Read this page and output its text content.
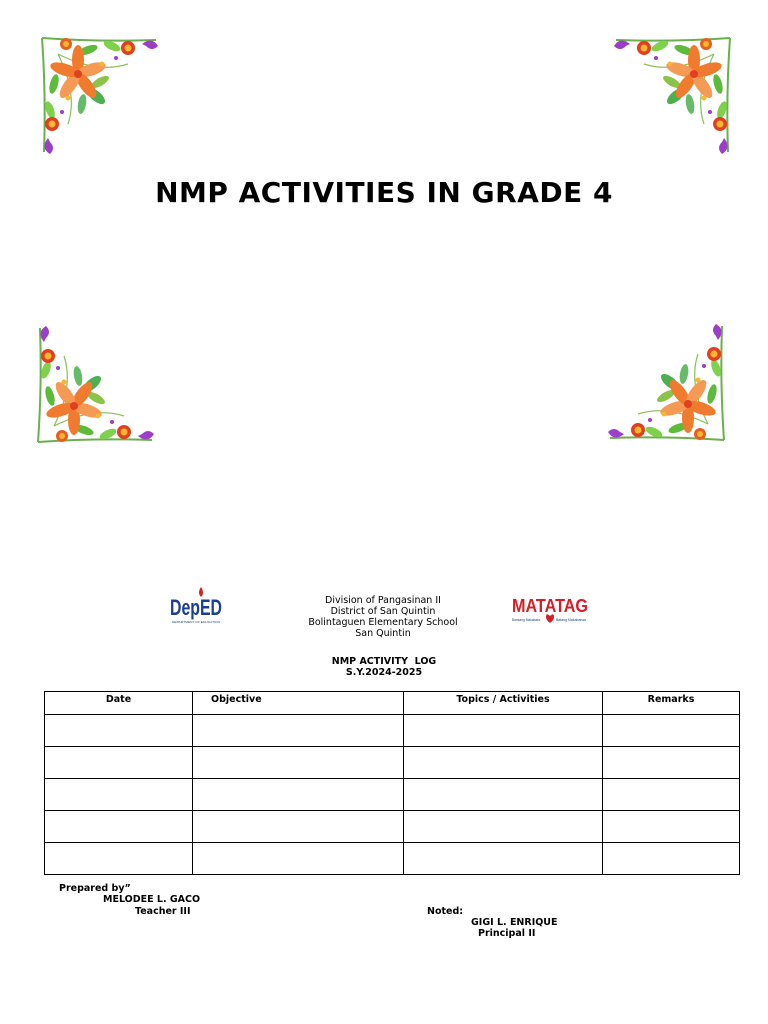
NMP ACTIVITIES IN GRADE 4
DepED
DEPARTMENT OF EDUCATION
Division of Pangasinan II
District of San Quintin
Bolintaguen Elementary School
San Quintin
MATATAG
Bansang Makabata	Batang Makabansa
NMP ACTIVITY  LOG
S.Y.2024-2025
Date	Objective	Topics / Activities	Remarks

Prepared by”
MELODEE L. GACO
Teacher III	Noted:
GIGI L. ENRIQUE
Principal II
